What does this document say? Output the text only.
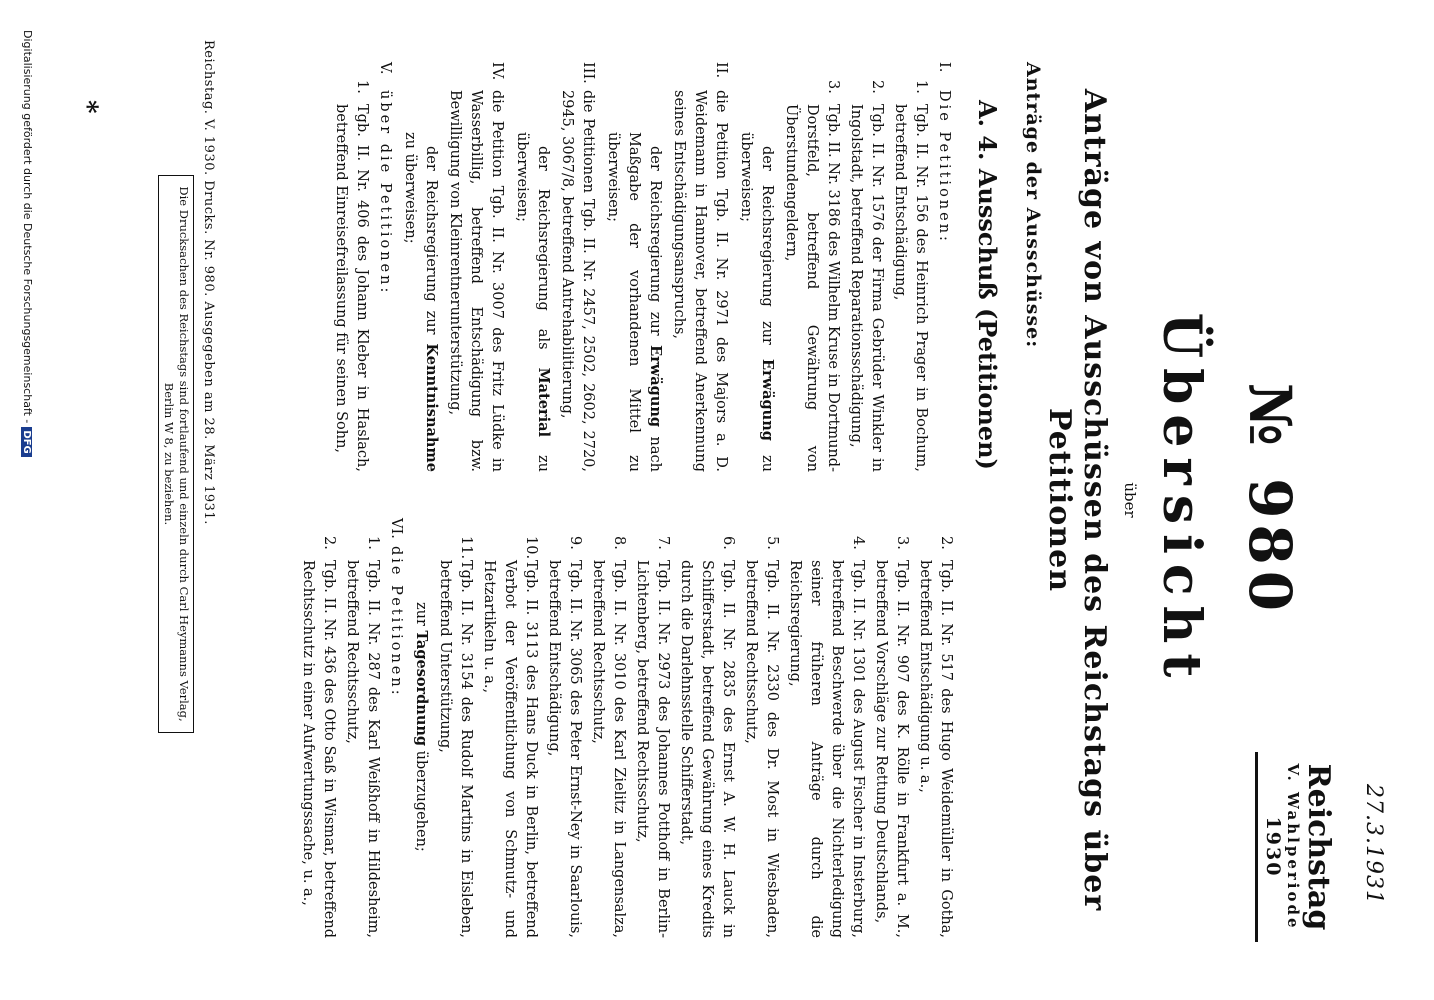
27.3.1931
Reichstag
V. Wahlperiode
1930
№ 980
Übersicht
über
Anträge von Ausschüssen des Reichstags über Petitionen
Anträge der Ausschüsse:
A. 4. Ausschuß (Petitionen)
I.
Die Petitionen:
1.
Tgb. II. Nr. 156 des Heinrich Prager in Bochum, betreffend Entschädigung,
2.
Tgb. II. Nr. 1576 der Firma Gebrüder Winkler in Ingolstadt, betreffend Reparationsschädigung,
3.
Tgb. II. Nr. 3186 des Wilhelm Kruse in Dortmund-Dorstfeld, betreffend Gewährung von Überstundengeldern,
der Reichsregierung zur Erwägung zu überweisen;
II.
die Petition Tgb. II. Nr. 2971 des Majors a. D. Weidemann in Hannover, betreffend Anerkennung seines Entschädigungsanspruchs,
der Reichsregierung zur Erwägung nach Maßgabe der vorhandenen Mittel zu überweisen;
III.
die Petitionen Tgb. II. Nr. 2457, 2502, 2602, 2720, 2945, 3067/8, betreffend Antrehabilitierung,
der Reichsregierung als Material zu überweisen;
IV.
die Petition Tgb. II. Nr. 3007 des Fritz Lüdke in Wasserbillig, betreffend Entschädigung bzw. Bewilligung von Kleinrentnerunterstützung,
der Reichsregierung zur Kenntnisnahme zu überweisen;
V.
über die Petitionen:
1.
Tgb. II. Nr. 406 des Johann Kleber in Haslach, betreffend Einreisefreilassung für seinen Sohn,
2.
Tgb. II. Nr. 517 des Hugo Weidemüller in Gotha, betreffend Entschädigung u. a.,
3.
Tgb. II. Nr. 907 des K. Rölle in Frankfurt a. M., betreffend Vorschläge zur Rettung Deutschlands,
4.
Tgb. II. Nr. 1301 des August Fischer in Insterburg, betreffend Beschwerde über die Nichterledigung seiner früheren Anträge durch die Reichsregierung,
5.
Tgb. II. Nr. 2330 des Dr. Most in Wiesbaden, betreffend Rechtsschutz,
6.
Tgb. II. Nr. 2835 des Ernst A. W. H. Lauck in Schifferstadt, betreffend Gewährung eines Kredits durch die Darlehnsstelle Schifferstadt,
7.
Tgb. II. Nr. 2973 des Johannes Potthoff in Berlin-Lichtenberg, betreffend Rechtsschutz,
8.
Tgb. II. Nr. 3010 des Karl Zielitz in Langensalza, betreffend Rechtsschutz,
9.
Tgb. II. Nr. 3065 des Peter Ernst-Ney in Saarlouis, betreffend Entschädigung,
10.
Tgb. II. 3113 des Hans Duck in Berlin, betreffend Verbot der Veröffentlichung von Schmutz- und Hetzartikeln u. a.,
11.
Tgb. II. Nr. 3154 des Rudolf Martins in Eisleben, betreffend Unterstützung,
zur Tagesordnung überzugehen;
VI.
die Petitionen:
1.
Tgb. II. Nr. 287 des Karl Weißhoff in Hildesheim, betreffend Rechtsschutz,
2.
Tgb. II. Nr. 436 des Otto Saß in Wismar, betreffend Rechtsschutz in einer Aufwertungssache, u. a.,
Reichstag. V. 1930. Drucks. Nr. 980. Ausgegeben am 28. März 1931.
Die Drucksachen des Reichstags sind fortlaufend und einzeln durch Carl Heymanns Verlag, Berlin W 8, zu beziehen.
*
Digitalisierung gefördert durch die Deutsche Forschungsgemeinschaft -DFG
